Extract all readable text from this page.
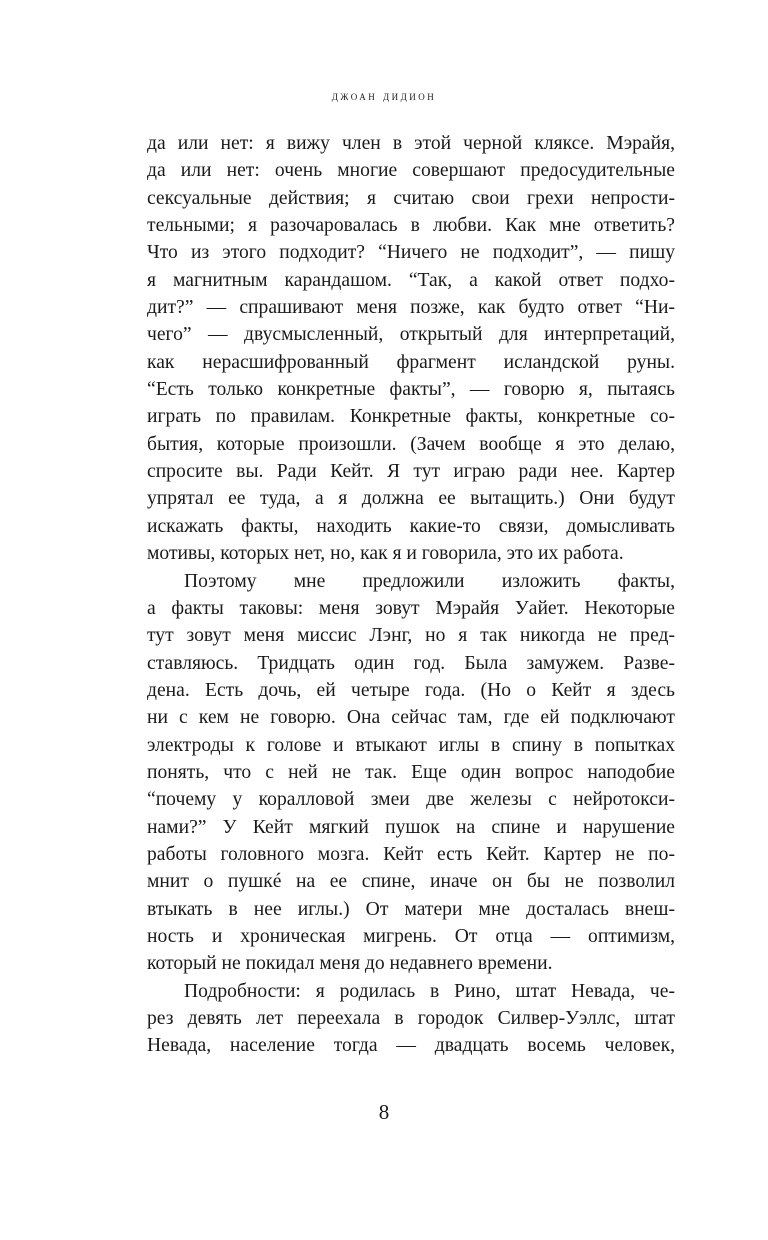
джоан дидион
да или нет: я вижу член в этой черной кляксе. Мэрайя,
да или нет: очень многие совершают предосудительные
сексуальные действия; я считаю свои грехи непрости-
тельными; я разочаровалась в любви. Как мне ответить?
Что из этого подходит? “Ничего не подходит”, — пишу
я магнитным карандашом. “Так, а какой ответ подхо-
дит?” — спрашивают меня позже, как будто ответ “Ни-
чего” — двусмысленный, открытый для интерпретаций,
как нерасшифрованный фрагмент исландской руны.
“Есть только конкретные факты”, — говорю я, пытаясь
играть по правилам. Конкретные факты, конкретные со-
бытия, которые произошли. (Зачем вообще я это делаю,
спросите вы. Ради Кейт. Я тут играю ради нее. Картер
упрятал ее туда, а я должна ее вытащить.) Они будут
искажать факты, находить какие-то связи, домысливать
мотивы, которых нет, но, как я и говорила, это их работа.
Поэтому мне предложили изложить факты,
а факты таковы: меня зовут Мэрайя Уайет. Некоторые
тут зовут меня миссис Лэнг, но я так никогда не пред-
ставляюсь. Тридцать один год. Была замужем. Разве-
дена. Есть дочь, ей четыре года. (Но о Кейт я здесь
ни с кем не говорю. Она сейчас там, где ей подключают
электроды к голове и втыкают иглы в спину в попытках
понять, что с ней не так. Еще один вопрос наподобие
“почему у коралловой змеи две железы с нейротокси-
нами?” У Кейт мягкий пушок на спине и нарушение
работы головного мозга. Кейт есть Кейт. Картер не по-
мнит о пушкé на ее спине, иначе он бы не позволил
втыкать в нее иглы.) От матери мне досталась внеш-
ность и хроническая мигрень. От отца — оптимизм,
который не покидал меня до недавнего времени.
Подробности: я родилась в Рино, штат Невада, че-
рез девять лет переехала в городок Силвер-Уэллс, штат
Невада, население тогда — двадцать восемь человек,
8
